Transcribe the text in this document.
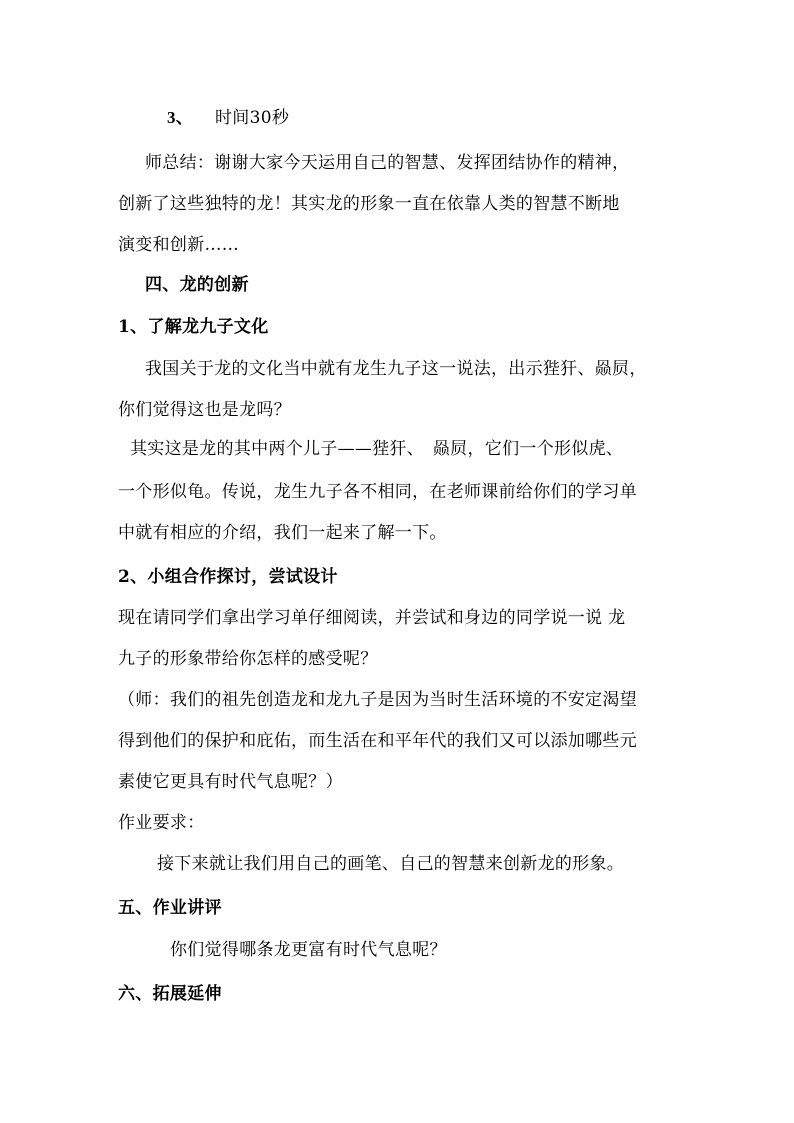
3、 时间30秒
师总结：谢谢大家今天运用自己的智慧、发挥团结协作的精神，
创新了这些独特的龙！其实龙的形象一直在依靠人类的智慧不断地
演变和创新……
四、龙的创新
1、了解龙九子文化
我国关于龙的文化当中就有龙生九子这一说法，出示狴犴、赑屃，
你们觉得这也是龙吗？
其实这是龙的其中两个儿子——狴犴、　赑屃，它们一个形似虎、
一个形似龟。传说，龙生九子各不相同，在老师课前给你们的学习单
中就有相应的介绍，我们一起来了解一下。
2、小组合作探讨，尝试设计
现在请同学们拿出学习单仔细阅读，并尝试和身边的同学说一说 龙
九子的形象带给你怎样的感受呢？
（师：我们的祖先创造龙和龙九子是因为当时生活环境的不安定渴望
得到他们的保护和庇佑，而生活在和平年代的我们又可以添加哪些元
素使它更具有时代气息呢？）
作业要求：
接下来就让我们用自己的画笔、自己的智慧来创新龙的形象。
五、作业讲评
你们觉得哪条龙更富有时代气息呢？
六、拓展延伸
